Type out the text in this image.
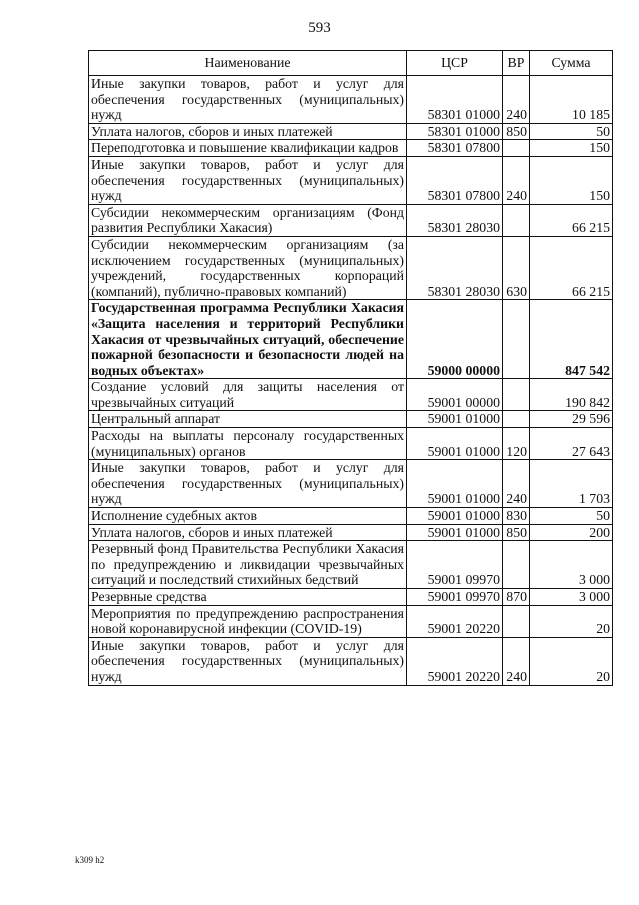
593
Наименование	ЦСР	ВР	Сумма
Иные закупки товаров, работ и услуг для обеспечения государственных (муниципальных) нужд	58301 01000	240	10 185
Уплата налогов, сборов и иных платежей	58301 01000	850	50
Переподготовка и повышение квалификации кадров	58301 07800		150
Иные закупки товаров, работ и услуг для обеспечения государственных (муниципальных) нужд	58301 07800	240	150
Субсидии некоммерческим организациям (Фонд развития Республики Хакасия)	58301 28030		66 215
Субсидии некоммерческим организациям (за исключением государственных (муниципальных) учреждений, государственных корпораций (компаний), публично-правовых компаний)	58301 28030	630	66 215
Государственная программа Республики Хакасия «Защита населения и территорий Республики Хакасия от чрезвычайных ситуаций, обеспечение пожарной безопасности и безопасности людей на водных объектах»	59000 00000		847 542
Создание условий для защиты населения от чрезвычайных ситуаций	59001 00000		190 842
Центральный аппарат	59001 01000		29 596
Расходы на выплаты персоналу государственных (муниципальных) органов	59001 01000	120	27 643
Иные закупки товаров, работ и услуг для обеспечения государственных (муниципальных) нужд	59001 01000	240	1 703
Исполнение судебных актов	59001 01000	830	50
Уплата налогов, сборов и иных платежей	59001 01000	850	200
Резервный фонд Правительства Республики Хакасия по предупреждению и ликвидации чрезвычайных ситуаций и последствий стихийных бедствий	59001 09970		3 000
Резервные средства	59001 09970	870	3 000
Мероприятия по предупреждению распространения новой коронавирусной инфекции (COVID-19)	59001 20220		20
Иные закупки товаров, работ и услуг для обеспечения государственных (муниципальных) нужд	59001 20220	240	20
k309 h2
